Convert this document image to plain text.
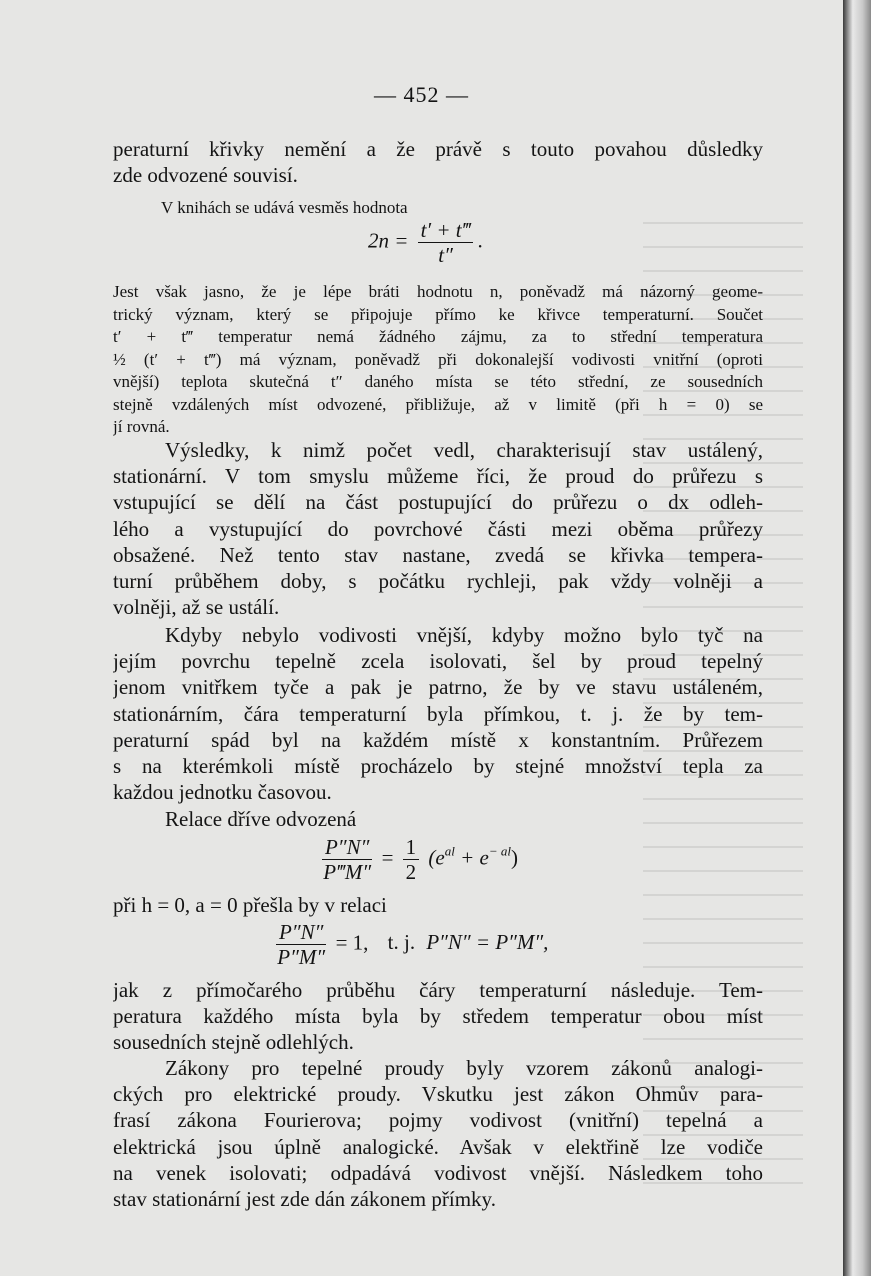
— 452 —
peraturní křivky nemění a že právě s touto povahou důsledky
zde odvozené souvisí.
V knihách se udává vesměs hodnota
$2n = \frac{t' + t‴}{t''}$ .
Jest však jasno, že je lépe bráti hodnotu n, poněvadž má názorný geome-
trický význam, který se připojuje přímo ke křivce temperaturní. Součet
t′ + t‴ temperatur nemá žádného zájmu, za to střední temperatura
½ (t′ + t‴) má význam, poněvadž při dokonalejší vodivosti vnitřní (oproti
vnější) teplota skutečná t″ daného místa se této střední, ze sousedních
stejně vzdálených míst odvozené, přibližuje, až v limitě (při h = 0) se
jí rovná.
Výsledky, k nimž počet vedl, charakterisují stav ustálený,
stationární. V tom smyslu můžeme říci, že proud do průřezu s
vstupující se dělí na část postupující do průřezu o dx odleh-
lého a vystupující do povrchové části mezi oběma průřezy
obsažené. Než tento stav nastane, zvedá se křivka tempera-
turní průběhem doby, s počátku rychleji, pak vždy volněji a
volněji, až se ustálí.
Kdyby nebylo vodivosti vnější, kdyby možno bylo tyč na
jejím povrchu tepelně zcela isolovati, šel by proud tepelný
jenom vnitřkem tyče a pak je patrno, že by ve stavu ustáleném,
stationárním, čára temperaturní byla přímkou, t. j. že by tem-
peraturní spád byl na každém místě x konstantním. Průřezem
s na kterémkoli místě procházelo by stejné množství tepla za
každou jednotku časovou.
Relace dříve odvozená
$\frac{P''N''}{P‴M''} = \frac{1}{2} (e^{al} + e^{- al})$
při h = 0, a = 0 přešla by v relaci
$\frac{P''N''}{P''M''} = 1$, t. j. P″N″ = P″M″,
jak z přímočarého průběhu čáry temperaturní následuje. Tem-
peratura každého místa byla by středem temperatur obou míst
sousedních stejně odlehlých.
Zákony pro tepelné proudy byly vzorem zákonů analogi-
ckých pro elektrické proudy. Vskutku jest zákon Ohmův para-
frasí zákona Fourierova; pojmy vodivost (vnitřní) tepelná a
elektrická jsou úplně analogické. Avšak v elektřině lze vodiče
na venek isolovati; odpadává vodivost vnější. Následkem toho
stav stationární jest zde dán zákonem přímky.
